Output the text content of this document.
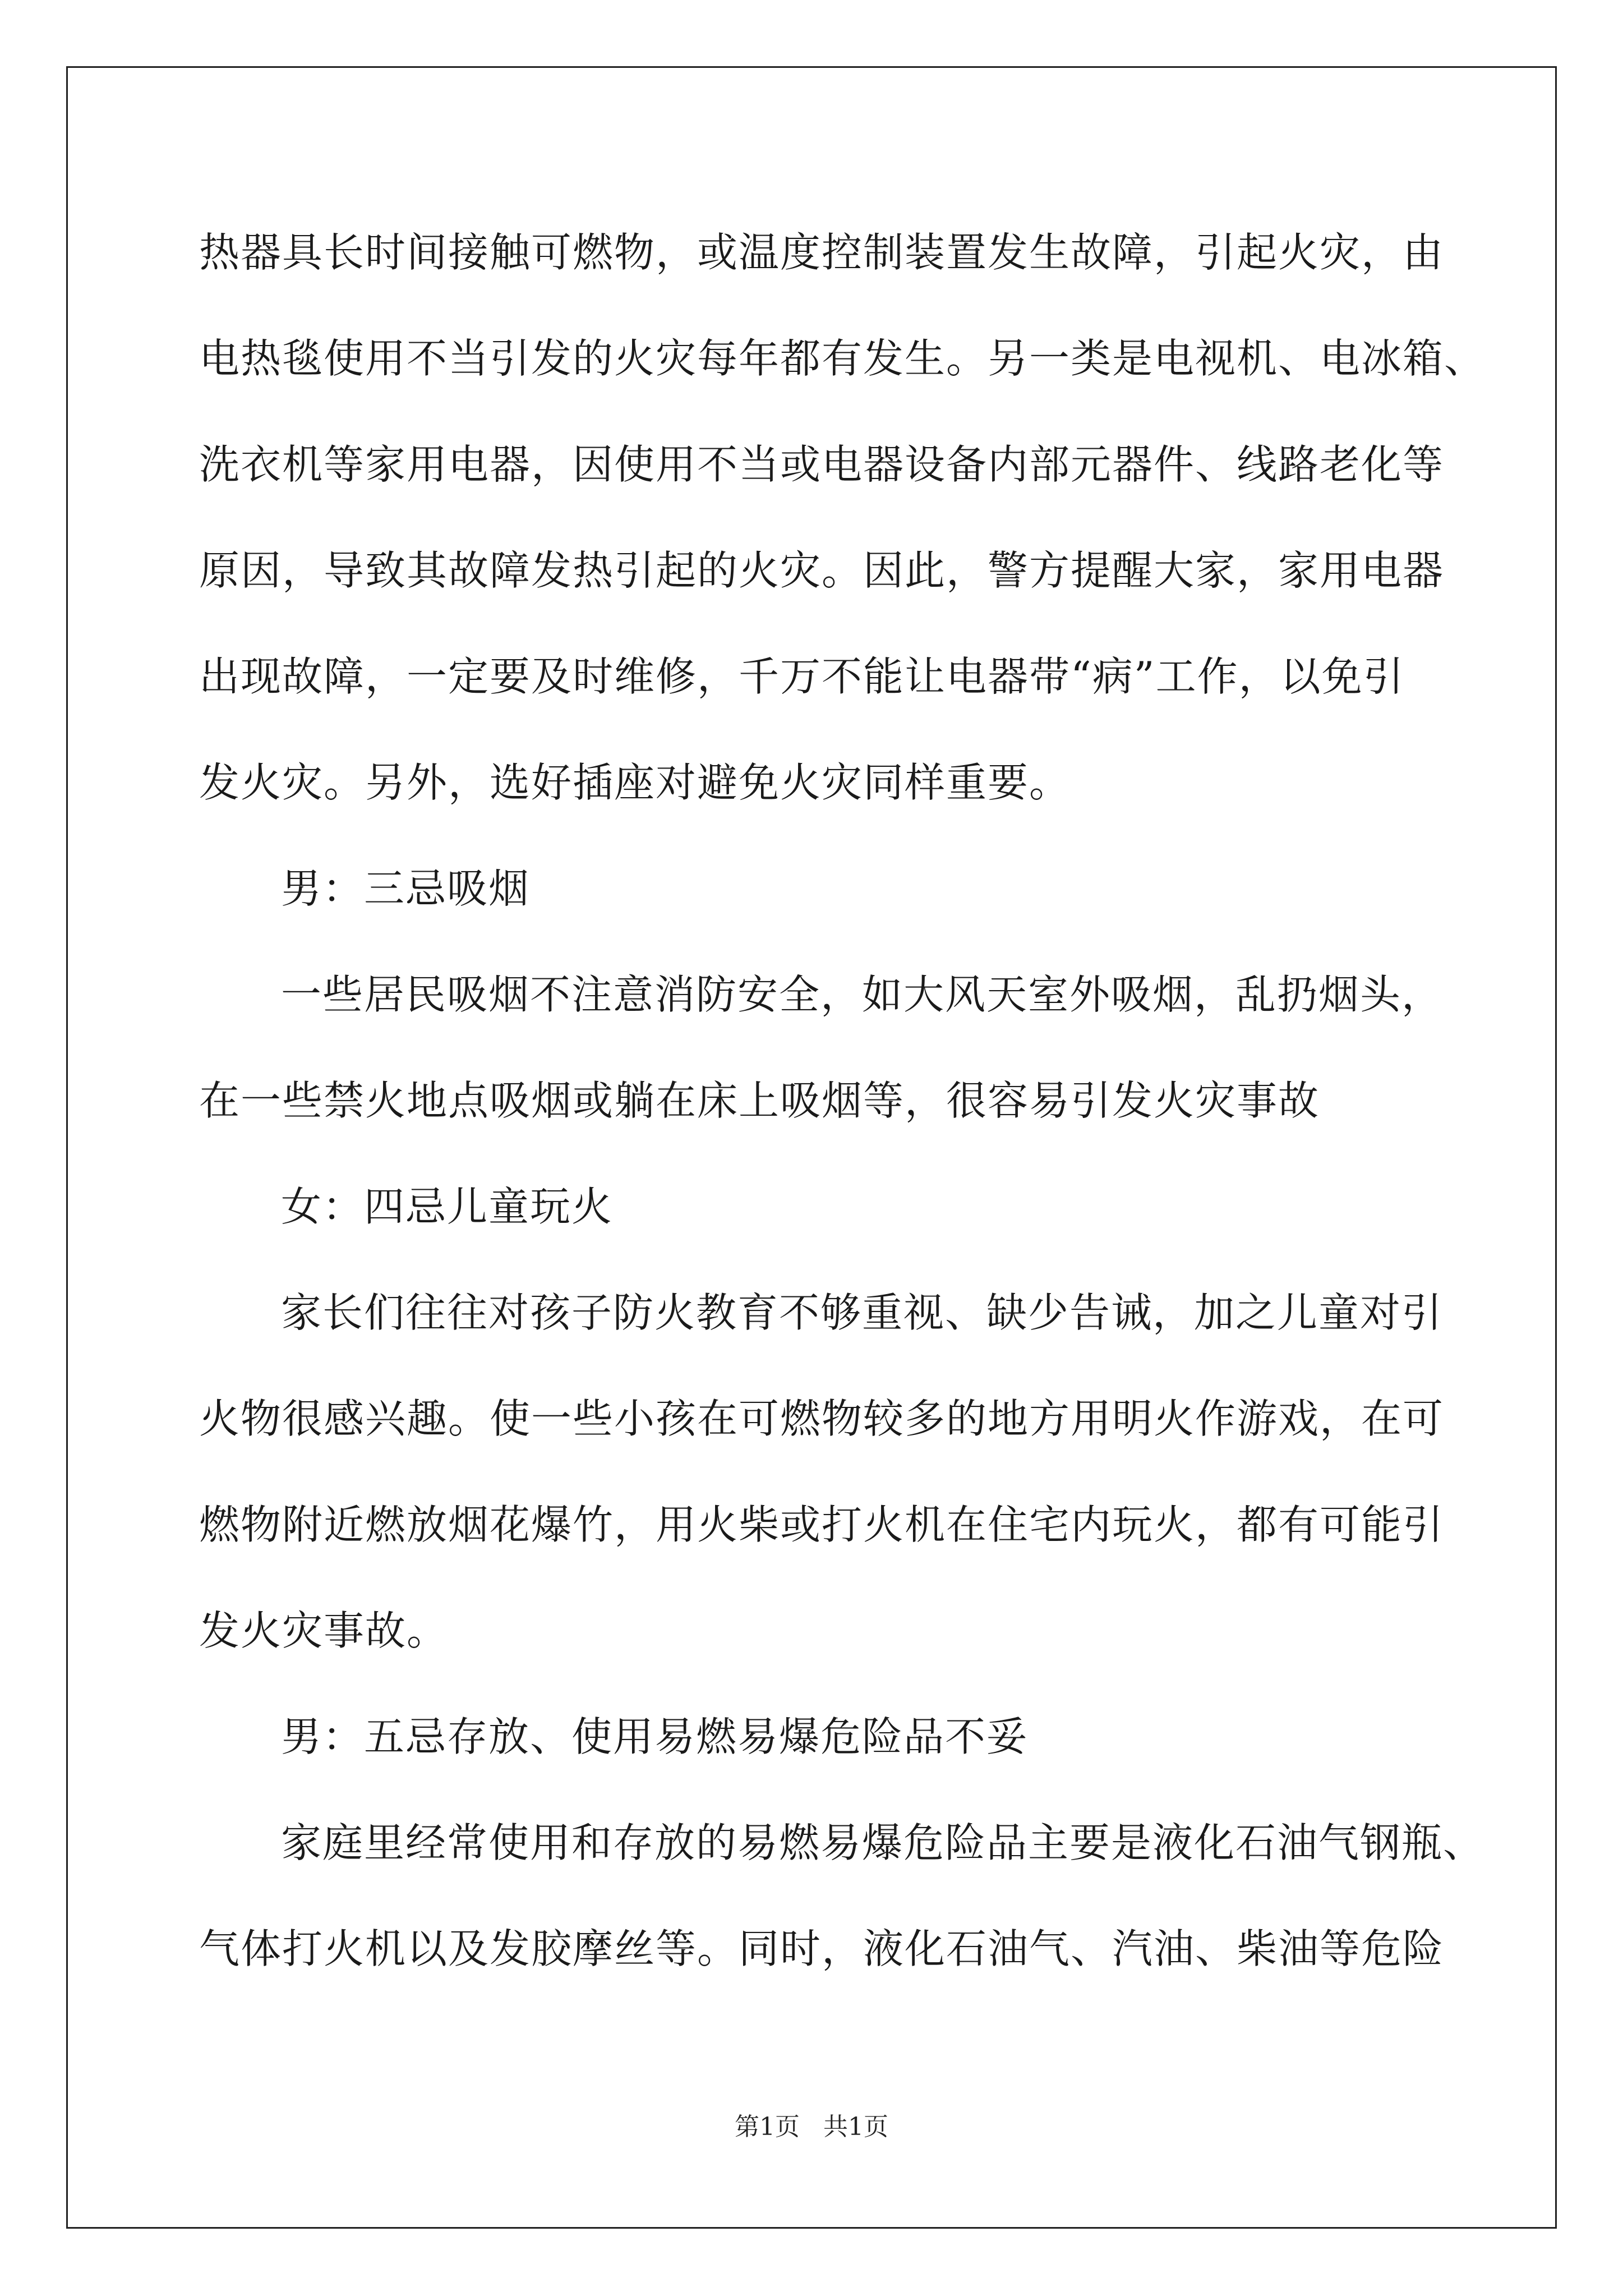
热器具长时间接触可燃物，或温度控制装置发生故障，引起火灾，由
电热毯使用不当引发的火灾每年都有发生。另一类是电视机、电冰箱、
洗衣机等家用电器，因使用不当或电器设备内部元器件、线路老化等
原因，导致其故障发热引起的火灾。因此，警方提醒大家，家用电器
出现故障，一定要及时维修，千万不能让电器带“病”工作，以免引
发火灾。另外，选好插座对避免火灾同样重要。
男：三忌吸烟
一些居民吸烟不注意消防安全，如大风天室外吸烟，乱扔烟头，
在一些禁火地点吸烟或躺在床上吸烟等，很容易引发火灾事故
女：四忌儿童玩火
家长们往往对孩子防火教育不够重视、缺少告诫，加之儿童对引
火物很感兴趣。使一些小孩在可燃物较多的地方用明火作游戏，在可
燃物附近燃放烟花爆竹，用火柴或打火机在住宅内玩火，都有可能引
发火灾事故。
男：五忌存放、使用易燃易爆危险品不妥
家庭里经常使用和存放的易燃易爆危险品主要是液化石油气钢瓶、
气体打火机以及发胶摩丝等。同时，液化石油气、汽油、柴油等危险
第1页   共1页
